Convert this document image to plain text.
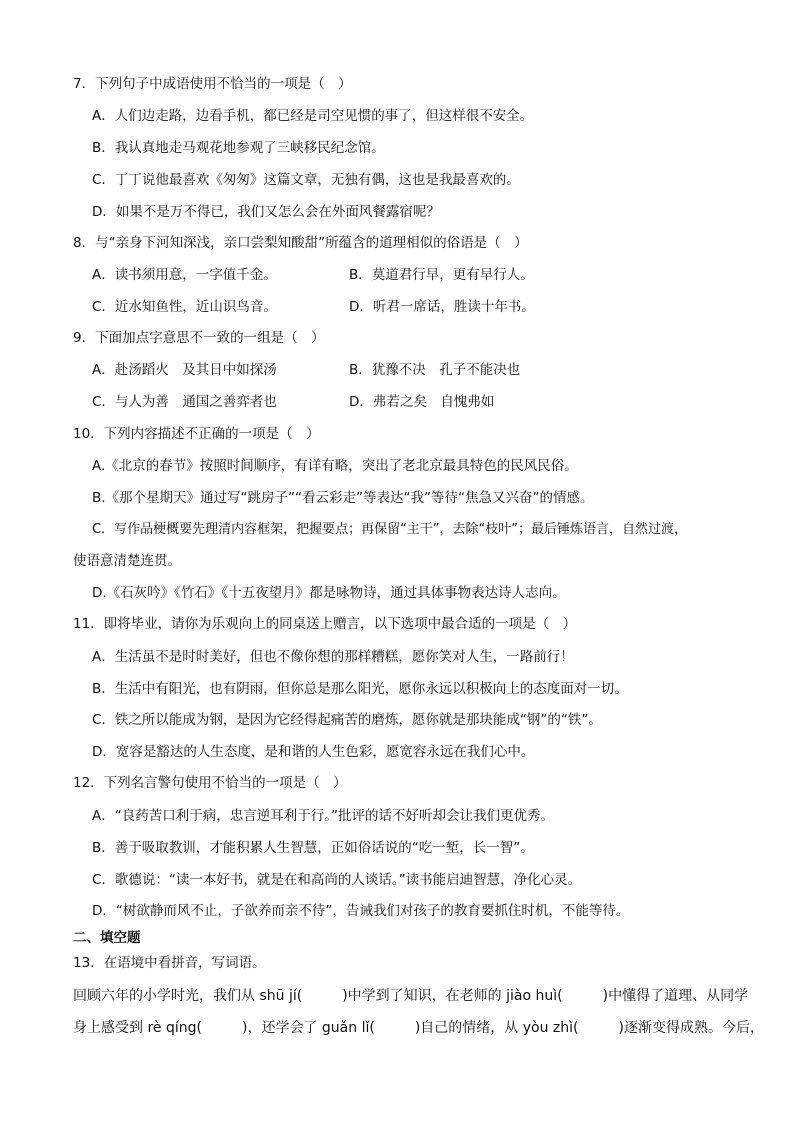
7．下列句子中成语使用不恰当的一项是（　）
A．人们边走路，边看手机，都已经是司空见惯的事了，但这样很不安全。
B．我认真地走马观花地参观了三峡移民纪念馆。
C．丁丁说他最喜欢《匆匆》这篇文章，无独有偶，这也是我最喜欢的。
D．如果不是万不得已，我们又怎么会在外面风餐露宿呢？
8．与“亲身下河知深浅，亲口尝梨知酸甜”所蕴含的道理相似的俗语是（　）
A．读书须用意，一字值千金。	B．莫道君行早，更有早行人。
C．近水知鱼性，近山识鸟音。	D．听君一席话，胜读十年书。
9．下面加点字意思不一致的一组是（　）
A．赴汤蹈火　及其日中如探汤	B．犹豫不决　孔子不能决也
C．与人为善　通国之善弈者也	D．弗若之矣　自愧弗如
10．下列内容描述不正确的一项是（　）
A.《北京的春节》按照时间顺序，有详有略，突出了老北京最具特色的民风民俗。
B.《那个星期天》通过写“跳房子”“看云彩走”等表达“我”等待“焦急又兴奋”的情感。
C．写作品梗概要先理清内容框架，把握要点；再保留“主干”，去除“枝叶”；最后锤炼语言，自然过渡，
使语意清楚连贯。
D.《石灰吟》《竹石》《十五夜望月》都是咏物诗，通过具体事物表达诗人志向。
11．即将毕业，请你为乐观向上的同桌送上赠言，以下选项中最合适的一项是（　）
A．生活虽不是时时美好，但也不像你想的那样糟糕，愿你笑对人生，一路前行！
B．生活中有阳光，也有阴雨，但你总是那么阳光，愿你永远以积极向上的态度面对一切。
C．铁之所以能成为钢，是因为它经得起痛苦的磨炼，愿你就是那块能成“钢”的“铁”。
D．宽容是豁达的人生态度，是和谐的人生色彩，愿宽容永远在我们心中。
12．下列名言警句使用不恰当的一项是（　）
A．“良药苦口利于病，忠言逆耳利于行。”批评的话不好听却会让我们更优秀。
B．善于吸取教训，才能积累人生智慧，正如俗话说的“吃一堑，长一智”。
C．歌德说：“读一本好书，就是在和高尚的人谈话。”读书能启迪智慧，净化心灵。
D．“树欲静而风不止，子欲养而亲不待”，告诫我们对孩子的教育要抓住时机，不能等待。
二、填空题
13．在语境中看拼音，写词语。
回顾六年的小学时光，我们从 shū jí(	)中学到了知识，在老师的 jiào huì(	)中懂得了道理、从同学
身上感受到 rè qíng(	)，还学会了 guǎn lǐ(	)自己的情绪，从 yòu zhì(	)逐渐变得成熟。今后，
